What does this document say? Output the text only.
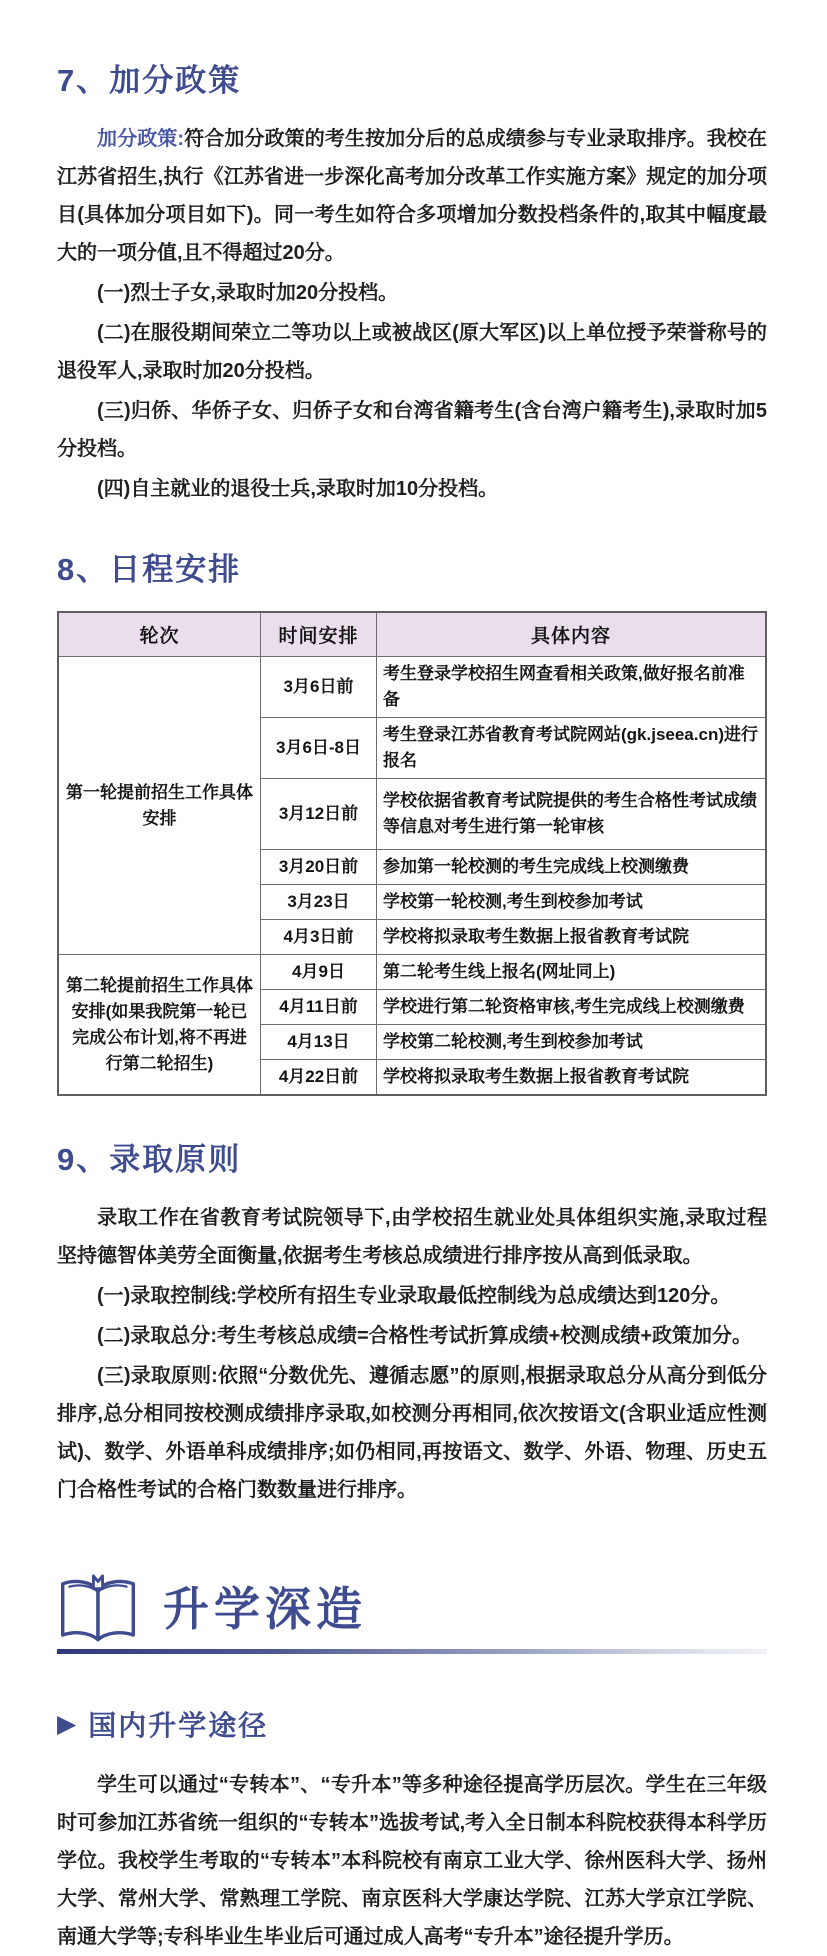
7、加分政策

加分政策:符合加分政策的考生按加分后的总成绩参与专业录取排序。我校在江苏省招生,执行《江苏省进一步深化高考加分改革工作实施方案》规定的加分项目(具体加分项目如下)。同一考生如符合多项增加分数投档条件的,取其中幅度最大的一项分值,且不得超过20分。

(一)烈士子女,录取时加20分投档。

(二)在服役期间荣立二等功以上或被战区(原大军区)以上单位授予荣誉称号的退役军人,录取时加20分投档。

(三)归侨、华侨子女、归侨子女和台湾省籍考生(含台湾户籍考生),录取时加5分投档。

(四)自主就业的退役士兵,录取时加10分投档。

8、日程安排
轮次	时间安排	具体内容
第一轮提前招生工作具体安排	3月6日前	考生登录学校招生网查看相关政策,做好报名前准备
	3月6日-8日	考生登录江苏省教育考试院网站(gk.jseea.cn)进行报名
	3月12日前	学校依据省教育考试院提供的考生合格性考试成绩等信息对考生进行第一轮审核
	3月20日前	参加第一轮校测的考生完成线上校测缴费
	3月23日	学校第一轮校测,考生到校参加考试
	4月3日前	学校将拟录取考生数据上报省教育考试院
第二轮提前招生工作具体安排(如果我院第一轮已完成公布计划,将不再进行第二轮招生)	4月9日	第二轮考生线上报名(网址同上)
	4月11日前	学校进行第二轮资格审核,考生完成线上校测缴费
	4月13日	学校第二轮校测,考生到校参加考试
	4月22日前	学校将拟录取考生数据上报省教育考试院
9、录取原则

录取工作在省教育考试院领导下,由学校招生就业处具体组织实施,录取过程坚持德智体美劳全面衡量,依据考生考核总成绩进行排序按从高到低录取。

(一)录取控制线:学校所有招生专业录取最低控制线为总成绩达到120分。

(二)录取总分:考生考核总成绩=合格性考试折算成绩+校测成绩+政策加分。

(三)录取原则:依照“分数优先、遵循志愿”的原则,根据录取总分从高分到低分排序,总分相同按校测成绩排序录取,如校测分再相同,依次按语文(含职业适应性测试)、数学、外语单科成绩排序;如仍相同,再按语文、数学、外语、物理、历史五门合格性考试的合格门数数量进行排序。

升学深造
▶ 国内升学途径

学生可以通过“专转本”、“专升本”等多种途径提高学历层次。学生在三年级时可参加江苏省统一组织的“专转本”选拔考试,考入全日制本科院校获得本科学历学位。我校学生考取的“专转本”本科院校有南京工业大学、徐州医科大学、扬州大学、常州大学、常熟理工学院、南京医科大学康达学院、江苏大学京江学院、南通大学等;专科毕业生毕业后可通过成人高考“专升本”途径提升学历。
